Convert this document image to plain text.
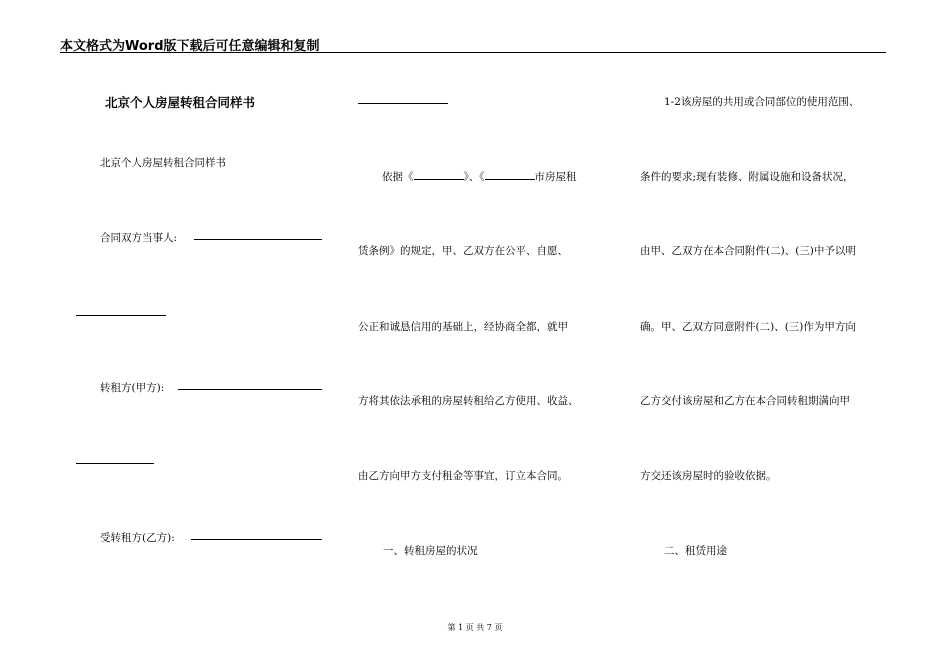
本文格式为Word版下载后可任意编辑和复制
北京个人房屋转租合同样书
北京个人房屋转租合同样书
合同双方当事人:
转租方(甲方):
受转租方(乙方):
依据《	》、《	市房屋租
赁条例》的规定，甲、乙双方在公平、自愿、
公正和诚恳信用的基础上，经协商全都，就甲
方将其依法承租的房屋转租给乙方使用、收益、
由乙方向甲方支付租金等事宜，订立本合同。
一、转租房屋的状况
1-2该房屋的共用或合同部位的使用范围、
条件的要求;现有装修、附属设施和设备状况，
由甲、乙双方在本合同附件(二)、(三)中予以明
确。甲、乙双方同意附件(二)、(三)作为甲方向
乙方交付该房屋和乙方在本合同转租期满向甲
方交还该房屋时的验收依据。
二、租赁用途
第 1 页 共 7 页
